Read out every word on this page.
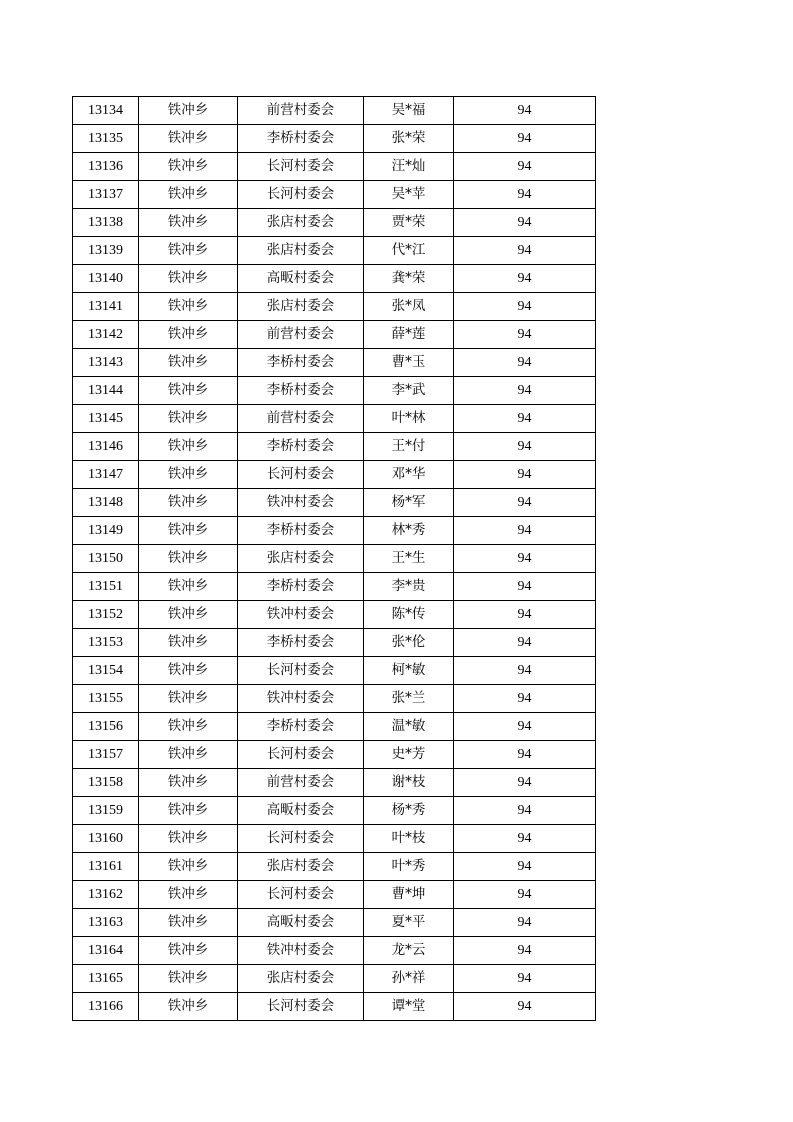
13134	铁冲乡	前营村委会	吴*福	94
13135	铁冲乡	李桥村委会	张*荣	94
13136	铁冲乡	长河村委会	汪*灿	94
13137	铁冲乡	长河村委会	吴*苹	94
13138	铁冲乡	张店村委会	贾*荣	94
13139	铁冲乡	张店村委会	代*江	94
13140	铁冲乡	高畈村委会	龚*荣	94
13141	铁冲乡	张店村委会	张*凤	94
13142	铁冲乡	前营村委会	薛*莲	94
13143	铁冲乡	李桥村委会	曹*玉	94
13144	铁冲乡	李桥村委会	李*武	94
13145	铁冲乡	前营村委会	叶*林	94
13146	铁冲乡	李桥村委会	王*付	94
13147	铁冲乡	长河村委会	邓*华	94
13148	铁冲乡	铁冲村委会	杨*军	94
13149	铁冲乡	李桥村委会	林*秀	94
13150	铁冲乡	张店村委会	王*生	94
13151	铁冲乡	李桥村委会	李*贵	94
13152	铁冲乡	铁冲村委会	陈*传	94
13153	铁冲乡	李桥村委会	张*伦	94
13154	铁冲乡	长河村委会	柯*敏	94
13155	铁冲乡	铁冲村委会	张*兰	94
13156	铁冲乡	李桥村委会	温*敏	94
13157	铁冲乡	长河村委会	史*芳	94
13158	铁冲乡	前营村委会	谢*枝	94
13159	铁冲乡	高畈村委会	杨*秀	94
13160	铁冲乡	长河村委会	叶*枝	94
13161	铁冲乡	张店村委会	叶*秀	94
13162	铁冲乡	长河村委会	曹*坤	94
13163	铁冲乡	高畈村委会	夏*平	94
13164	铁冲乡	铁冲村委会	龙*云	94
13165	铁冲乡	张店村委会	孙*祥	94
13166	铁冲乡	长河村委会	谭*堂	94
